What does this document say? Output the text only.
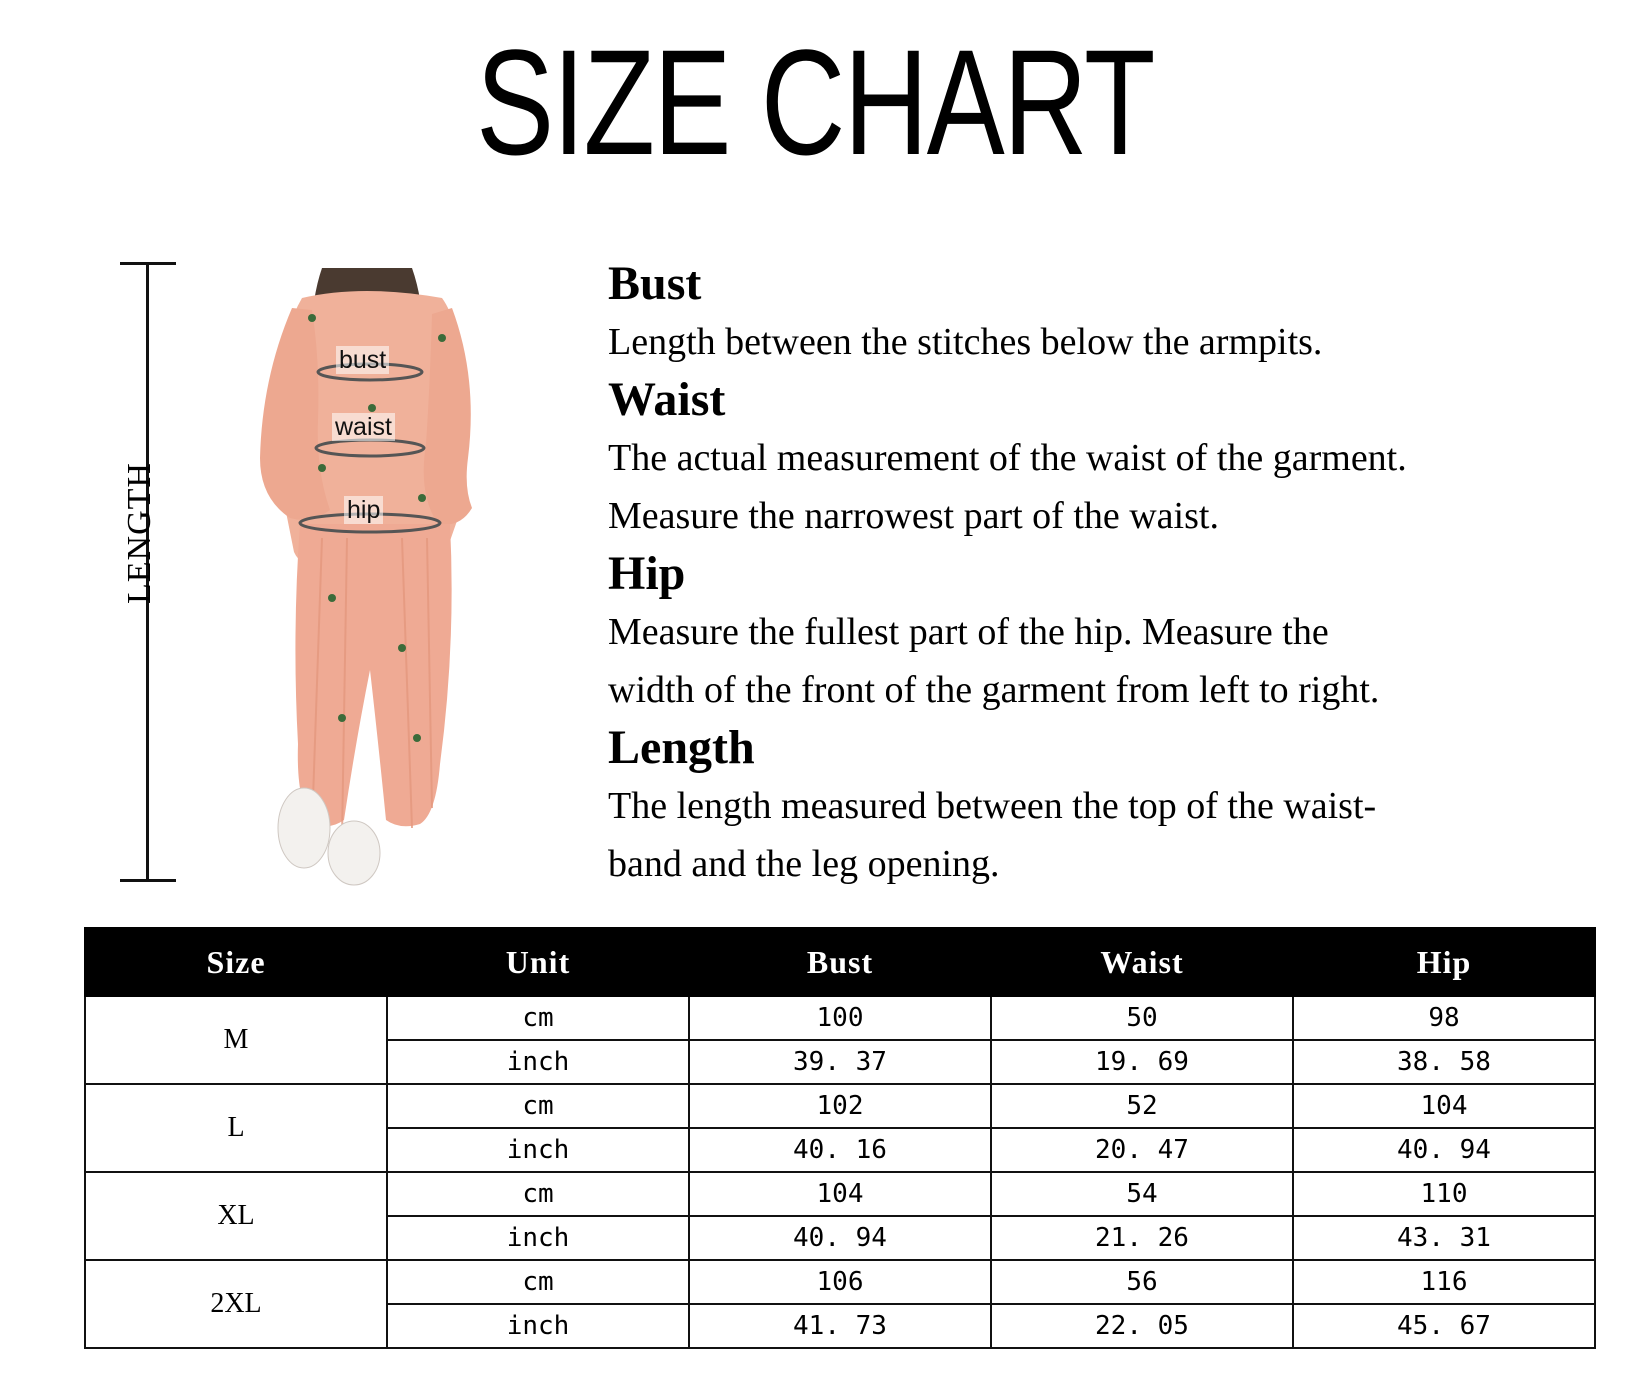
SIZE CHART
LENGTH
bust
waist
hip
Bust

Length between the stitches below the armpits.

Waist

The actual measurement of the waist of the garment.

Measure the narrowest part of the waist.

Hip

Measure the fullest part of the hip. Measure the

width of the front of the garment from left to right.

Length

The length measured between the top of the waist-

band and the leg opening.

Size	Unit	Bust	Waist	Hip
M	cm	100	50	98
	inch	39. 37	19. 69	38. 58
L	cm	102	52	104
	inch	40. 16	20. 47	40. 94
XL	cm	104	54	110
	inch	40. 94	21. 26	43. 31
2XL	cm	106	56	116
	inch	41. 73	22. 05	45. 67
